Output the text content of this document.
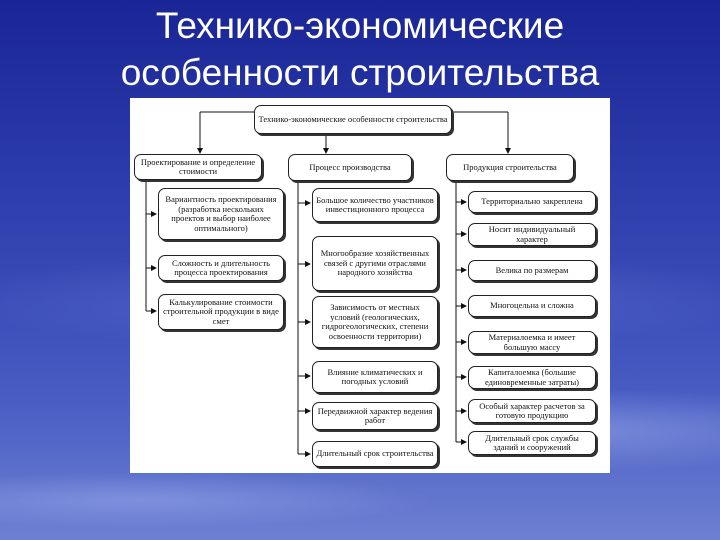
Технико-экономические
особенности строительства
Технико-экономические особенности строительства
Проектирование и определение стоимости
Вариантность проектирования (разработка нескольких проектов и выбор наиболее оптимального)
Сложность и длительность процесса проектирования
Калькулирование стоимости строительной продукции в виде смет
Процесс производства
Большое количество участников инвестиционного процесса
Многообразие хозяйственных связей с другими отраслями народного хозяйства
Зависимость от местных условий (геологических, гидрогеологических, степени освоенности территории)
Влияние климатических и погодных условий
Передвижной характер ведения работ
Длительный срок строительства
Продукция строительства
Территориально закреплена
Носит индивидуальный характер
Велика по размерам
Многоцельна и сложна
Материалоемка и имеет большую массу
Капиталоемка (большие единовременные затраты)
Особый характер расчетов за готовую продукцию
Длительный срок службы зданий и сооружений
